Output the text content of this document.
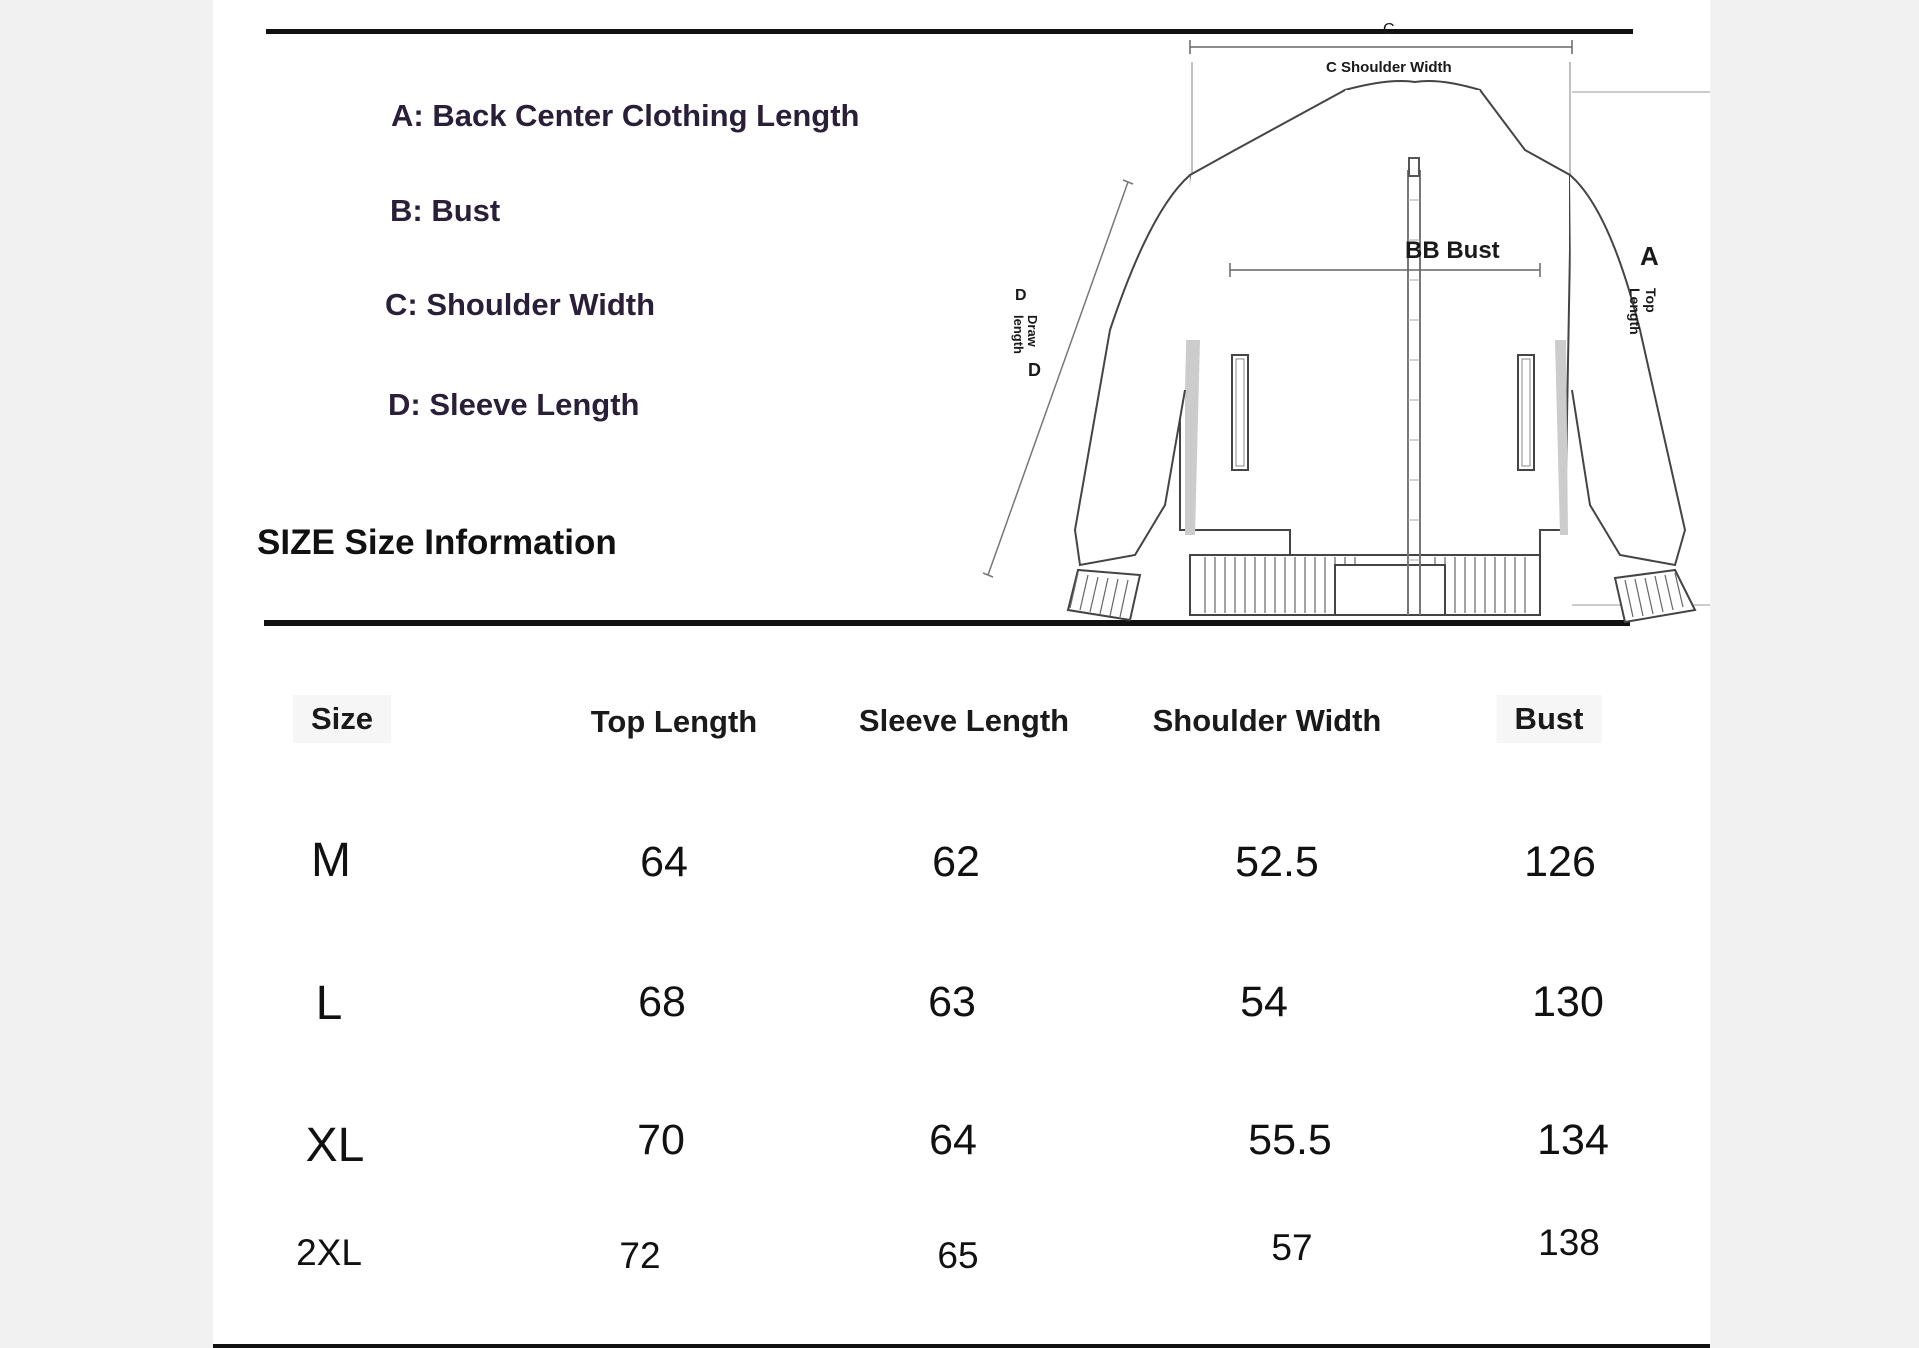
A: Back Center Clothing Length
B: Bust
C: Shoulder Width
D: Sleeve Length
SIZE Size Information
Size	Top Length	Sleeve Length	Shoulder Width	Bust
M	64	62	52.5	126
L	68	63	54	130
XL	70	64	55.5	134
2XL	72	65	57	138
C
C Shoulder Width
BB Bust	A
Top
Length
D
Draw
length
D
